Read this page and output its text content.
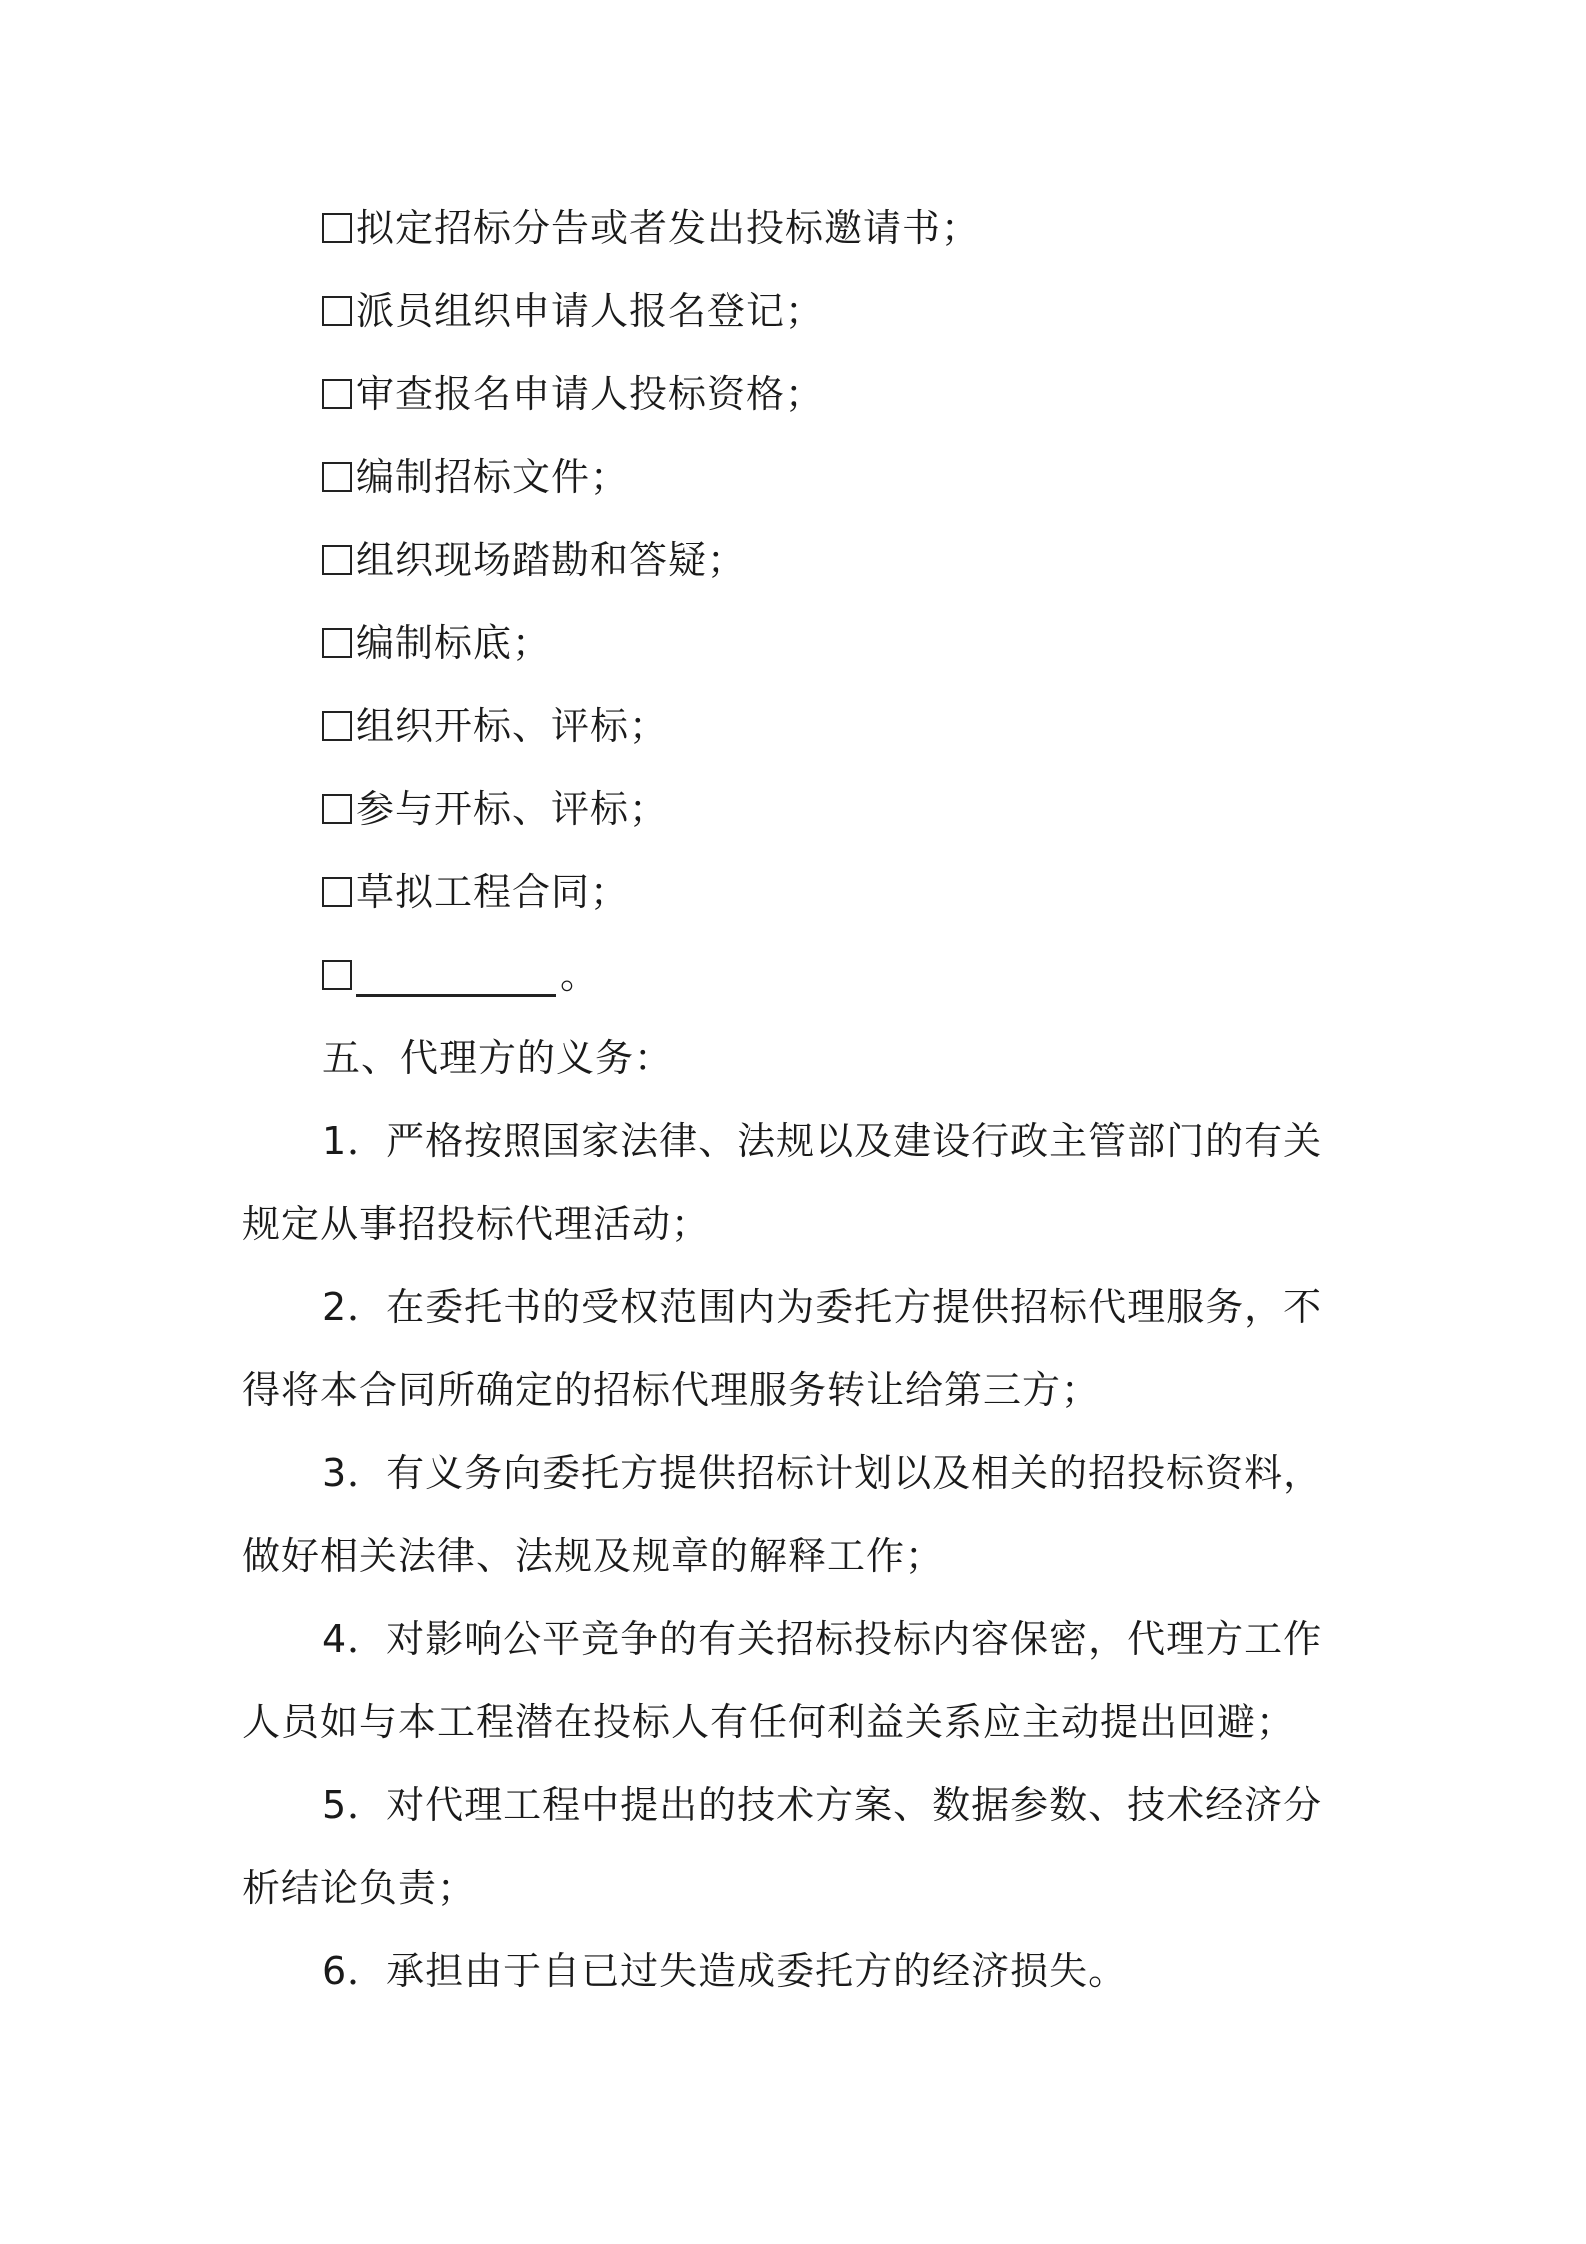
拟定招标分告或者发出投标邀请书；
派员组织申请人报名登记；
审查报名申请人投标资格；
编制招标文件；
组织现场踏勘和答疑；
编制标底；
组织开标、评标；
参与开标、评标；
草拟工程合同；
。
五、代理方的义务：
1．严格按照国家法律、法规以及建设行政主管部门的有关
规定从事招投标代理活动；
2．在委托书的受权范围内为委托方提供招标代理服务，不
得将本合同所确定的招标代理服务转让给第三方；
3．有义务向委托方提供招标计划以及相关的招投标资料，
做好相关法律、法规及规章的解释工作；
4．对影响公平竞争的有关招标投标内容保密，代理方工作
人员如与本工程潜在投标人有任何利益关系应主动提出回避；
5．对代理工程中提出的技术方案、数据参数、技术经济分
析结论负责；
6．承担由于自已过失造成委托方的经济损失。
